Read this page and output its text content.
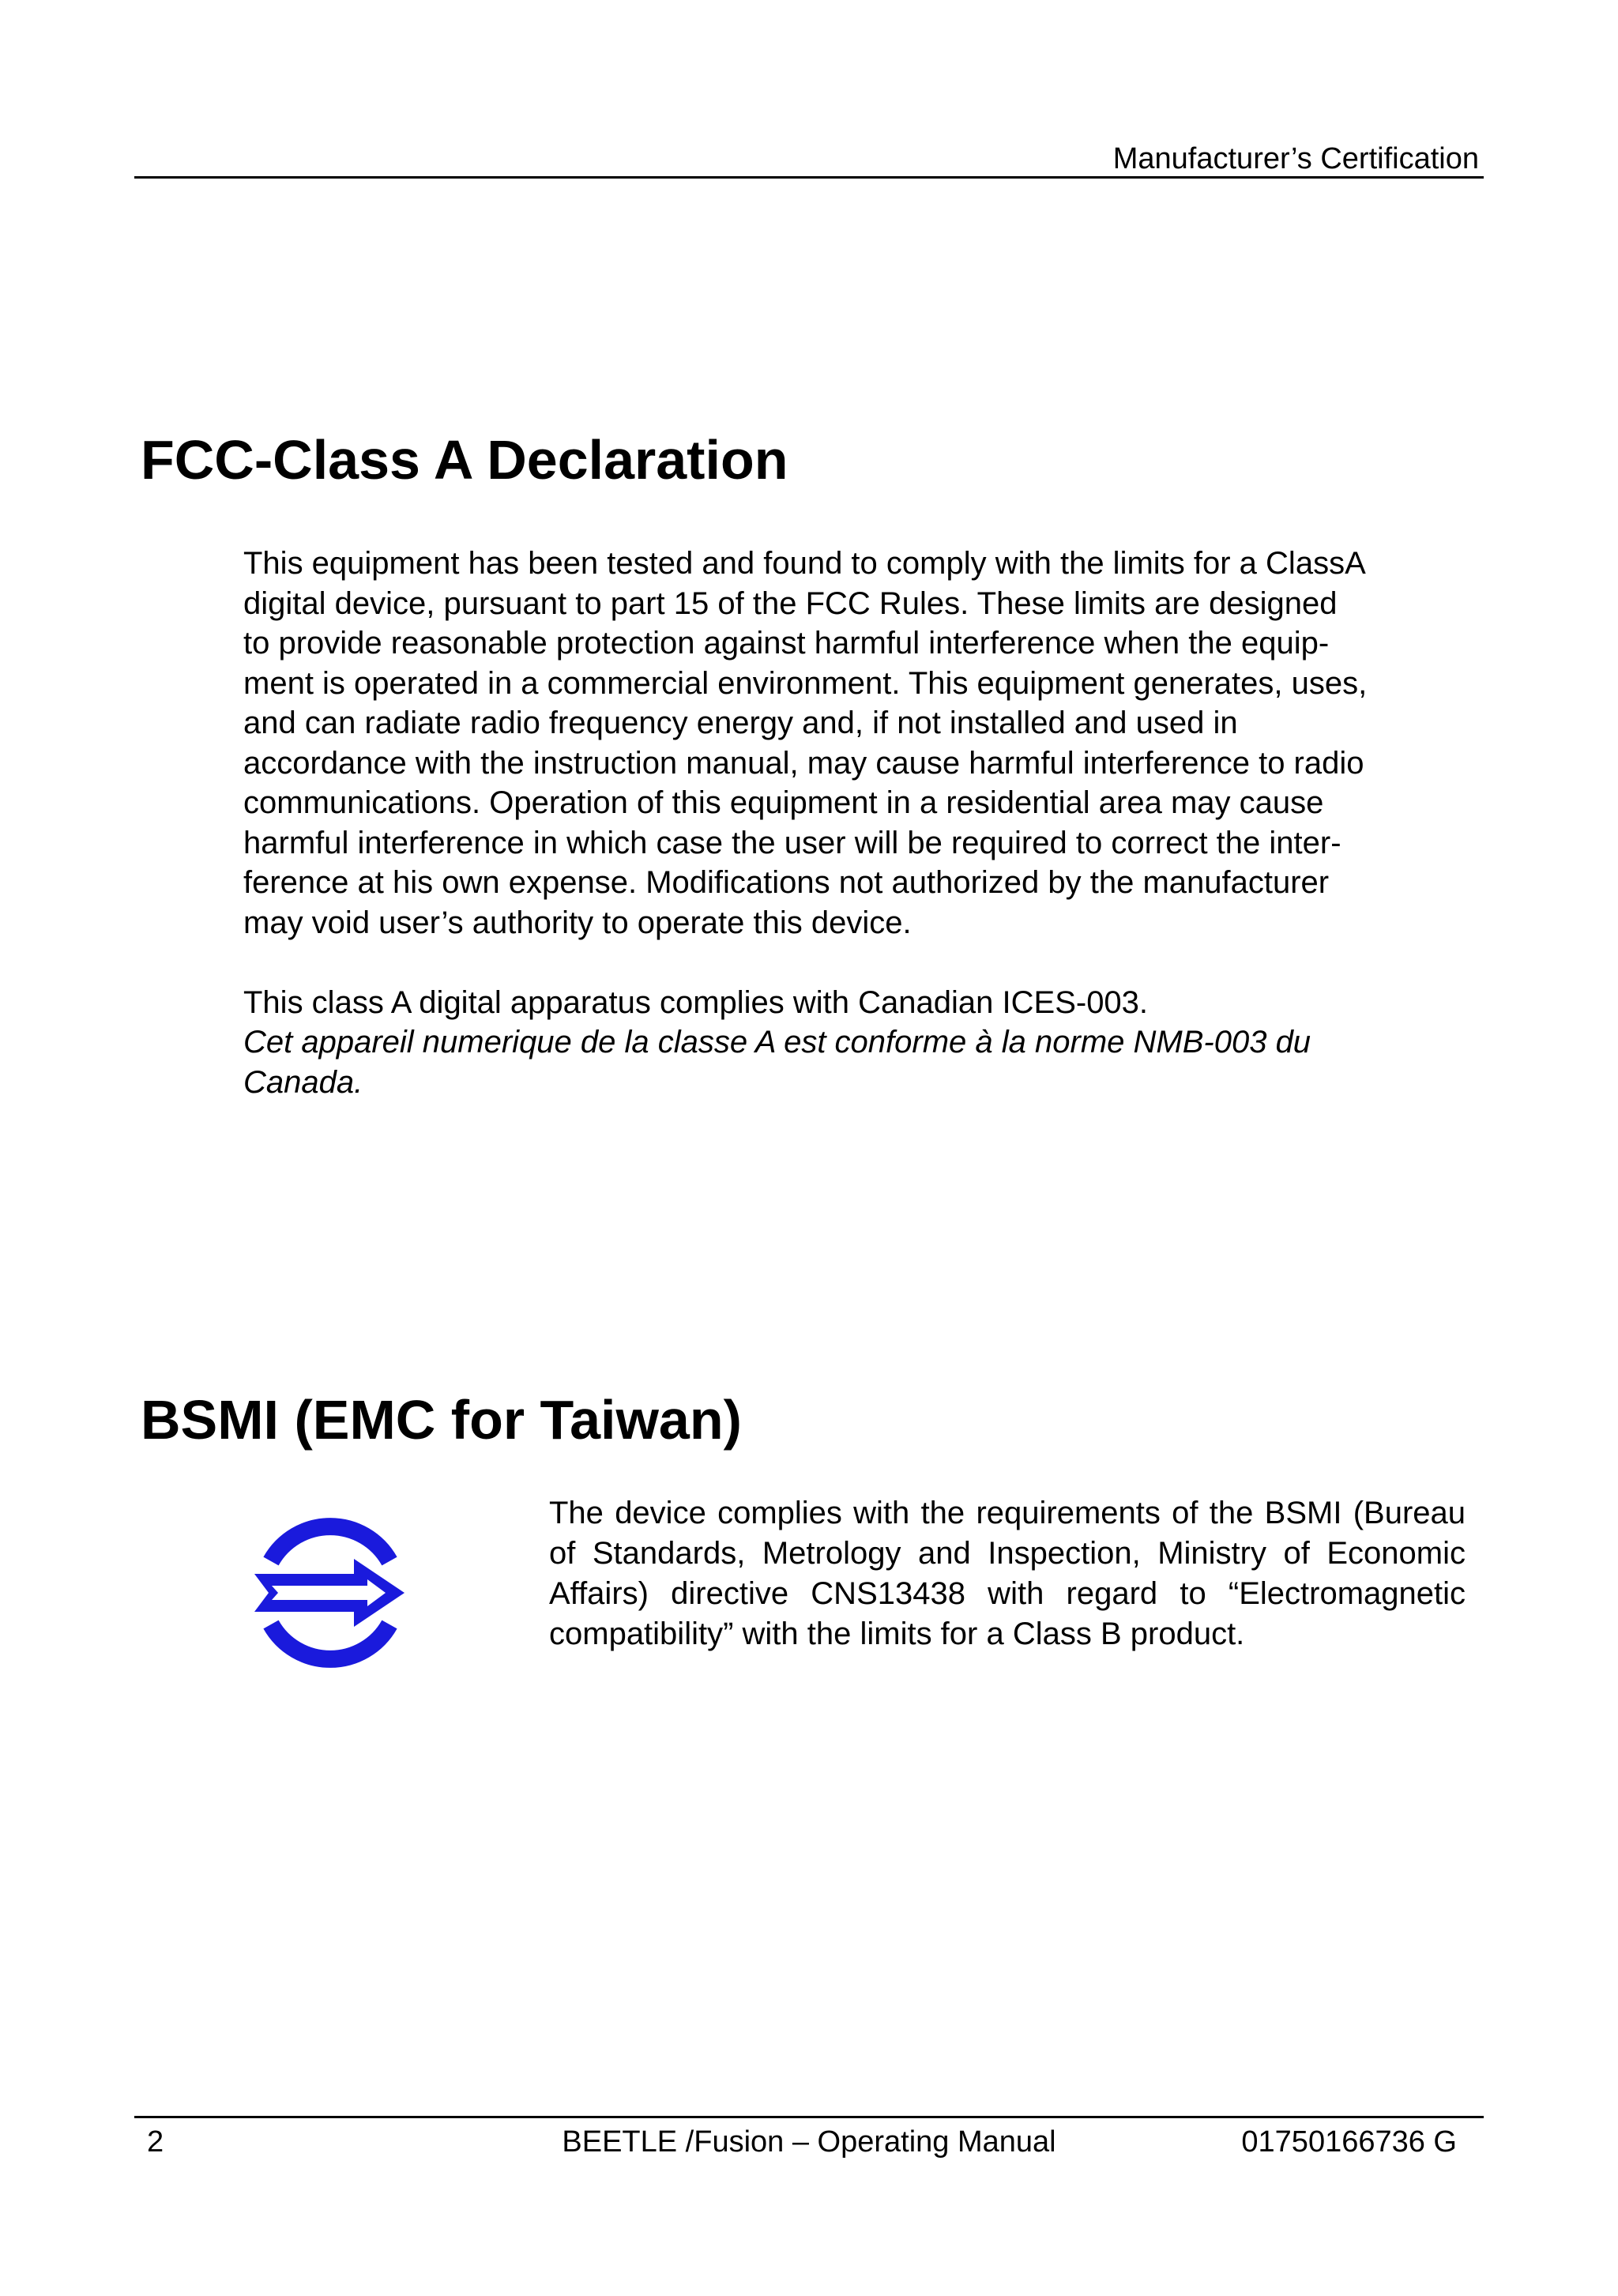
Manufacturer’s Certification
FCC-Class A Declaration

This equipment has been tested and found to comply with the limits for a ClassA

digital device, pursuant to part 15 of the FCC Rules. These limits are designed

to provide reasonable protection against harmful interference when the equip-

ment is operated in a commercial environment. This equipment generates, uses,

and can radiate radio frequency energy and, if not installed and used in

accordance with the instruction manual, may cause harmful interference to radio

communications. Operation of this equipment in a residential area may cause

harmful interference in which case the user will be required to correct the inter-

ference at his own expense. Modifications not authorized by the manufacturer

may void user’s authority to operate this device.

This class A digital apparatus complies with Canadian ICES-003.

Cet appareil numerique de la classe A est conforme à la norme NMB-003 du

Canada.

BSMI (EMC for Taiwan)

The device complies with the requirements of the BSMI (Bureau of Standards, Metrology and Inspection, Ministry of Economic Affairs) directive CNS13438 with regard to “Electromagnetic compatibility” with the limits for a Class B product.

2	BEETLE /Fusion – Operating Manual	01750166736 G
